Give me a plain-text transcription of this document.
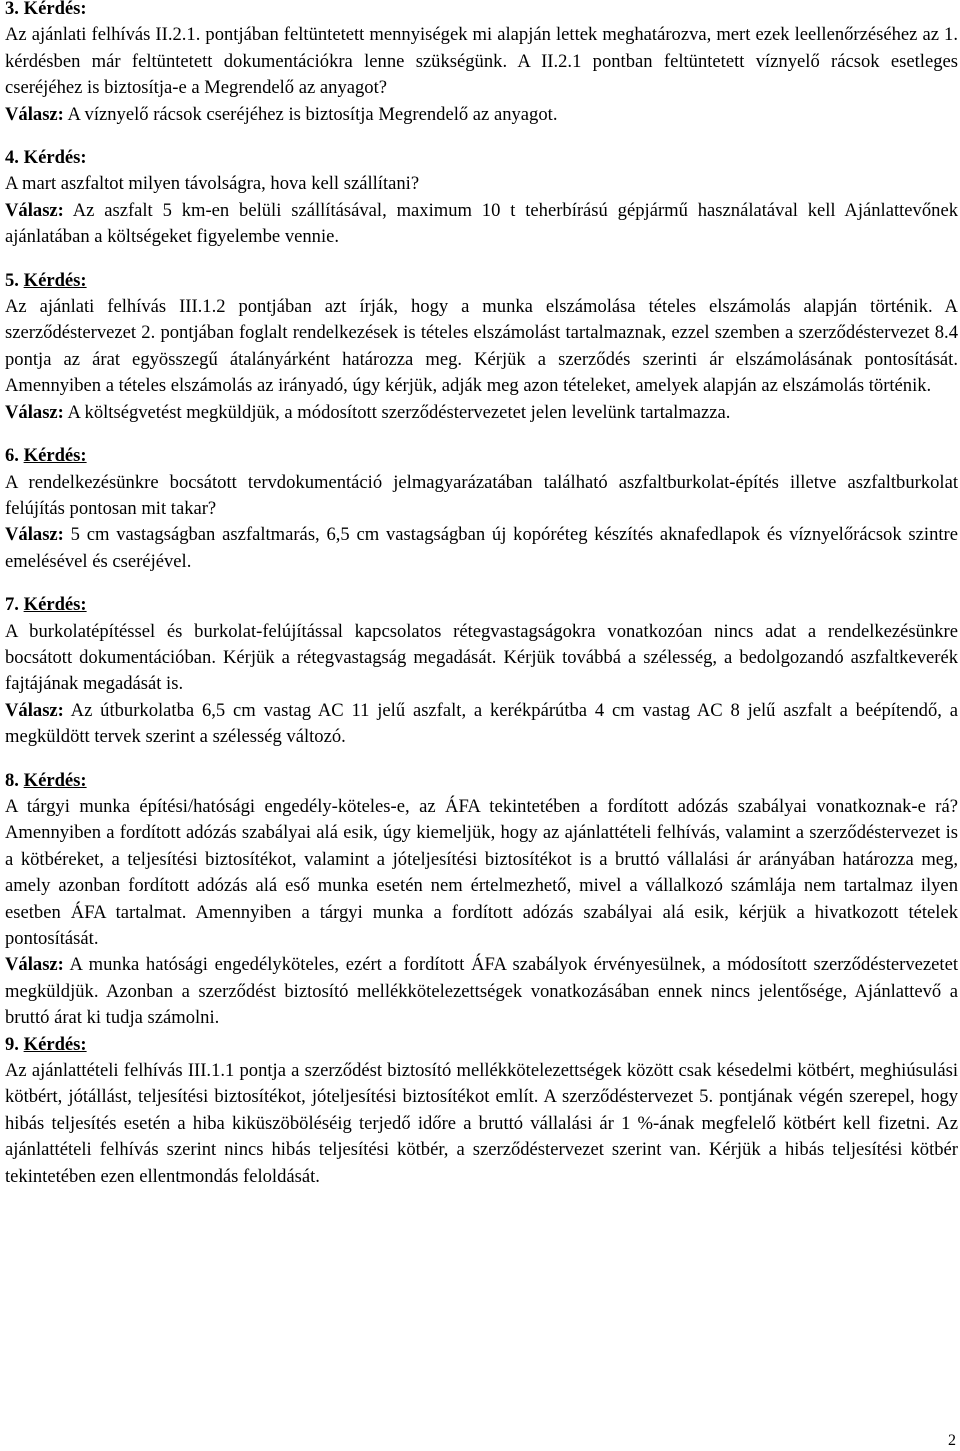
3. Kérdés:

Az ajánlati felhívás II.2.1. pontjában feltüntetett mennyiségek mi alapján lettek meghatározva, mert ezek leellenőrzéséhez az 1. kérdésben már feltüntetett dokumentációkra lenne szükségünk. A II.2.1 pontban feltüntetett víznyelő rácsok esetleges cseréjéhez is biztosítja-e a Megrendelő az anyagot?

Válasz: A víznyelő rácsok cseréjéhez is biztosítja Megrendelő az anyagot.

4. Kérdés:

A mart aszfaltot milyen távolságra, hova kell szállítani?

Válasz: Az aszfalt 5 km-en belüli szállításával, maximum 10 t teherbírású gépjármű használatával kell Ajánlattevőnek ajánlatában a költségeket figyelembe vennie.

5. Kérdés:

Az ajánlati felhívás III.1.2 pontjában azt írják, hogy a munka elszámolása tételes elszámolás alapján történik. A szerződéstervezet 2. pontjában foglalt rendelkezések is tételes elszámolást tartalmaznak, ezzel szemben a szerződéstervezet 8.4 pontja az árat egyösszegű átalányárként határozza meg. Kérjük a szerződés szerinti ár elszámolásának pontosítását. Amennyiben a tételes elszámolás az irányadó, úgy kérjük, adják meg azon tételeket, amelyek alapján az elszámolás történik.

Válasz: A költségvetést megküldjük, a módosított szerződéstervezetet jelen levelünk tartalmazza.

6. Kérdés:

A rendelkezésünkre bocsátott tervdokumentáció jelmagyarázatában található aszfaltburkolat-építés illetve aszfaltburkolat felújítás pontosan mit takar?

Válasz: 5 cm vastagságban aszfaltmarás, 6,5 cm vastagságban új kopóréteg készítés aknafedlapok és víznyelőrácsok szintre emelésével és cseréjével.

7. Kérdés:

A burkolatépítéssel és burkolat-felújítással kapcsolatos rétegvastagságokra vonatkozóan nincs adat a rendelkezésünkre bocsátott dokumentációban. Kérjük a rétegvastagság megadását. Kérjük továbbá a szélesség, a bedolgozandó aszfaltkeverék fajtájának megadását is.

Válasz: Az útburkolatba 6,5 cm vastag AC 11 jelű aszfalt, a kerékpárútba 4 cm vastag AC 8 jelű aszfalt a beépítendő, a megküldött tervek szerint a szélesség változó.

8. Kérdés:

A tárgyi munka építési/hatósági engedély-köteles-e, az ÁFA tekintetében a fordított adózás szabályai vonatkoznak-e rá? Amennyiben a fordított adózás szabályai alá esik, úgy kiemeljük, hogy az ajánlattételi felhívás, valamint a szerződéstervezet is a kötbéreket, a teljesítési biztosítékot, valamint a jóteljesítési biztosítékot is a bruttó vállalási ár arányában határozza meg, amely azonban fordított adózás alá eső munka esetén nem értelmezhető, mivel a vállalkozó számlája nem tartalmaz ilyen esetben ÁFA tartalmat. Amennyiben a tárgyi munka a fordított adózás szabályai alá esik, kérjük a hivatkozott tételek pontosítását.

Válasz: A munka hatósági engedélyköteles, ezért a fordított ÁFA szabályok érvényesülnek, a módosított szerződéstervezetet megküldjük. Azonban a szerződést biztosító mellékkötelezettségek vonatkozásában ennek nincs jelentősége, Ajánlattevő a bruttó árat ki tudja számolni.

9. Kérdés:

Az ajánlattételi felhívás III.1.1 pontja a szerződést biztosító mellékkötelezettségek között csak késedelmi kötbért, meghiúsulási kötbért, jótállást, teljesítési biztosítékot, jóteljesítési biztosítékot említ. A szerződéstervezet 5. pontjának végén szerepel, hogy hibás teljesítés esetén a hiba kiküszöböléséig terjedő időre a bruttó vállalási ár 1 %-ának megfelelő kötbért kell fizetni. Az ajánlattételi felhívás szerint nincs hibás teljesítési kötbér, a szerződéstervezet szerint van. Kérjük a hibás teljesítési kötbér tekintetében ezen ellentmondás feloldását.

2
